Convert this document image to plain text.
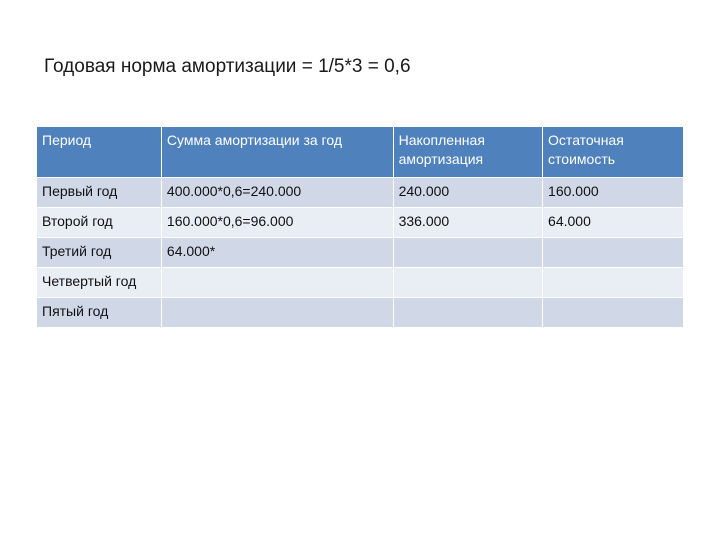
Годовая норма амортизации = 1/5*3 = 0,6
Период	Сумма амортизации за год	Накопленная амортизация	Остаточная стоимость
Первый год	400.000*0,6=240.000	240.000	160.000
Второй год	160.000*0,6=96.000	336.000	64.000
Третий год	64.000*		
Четвертый год			
Пятый год			
